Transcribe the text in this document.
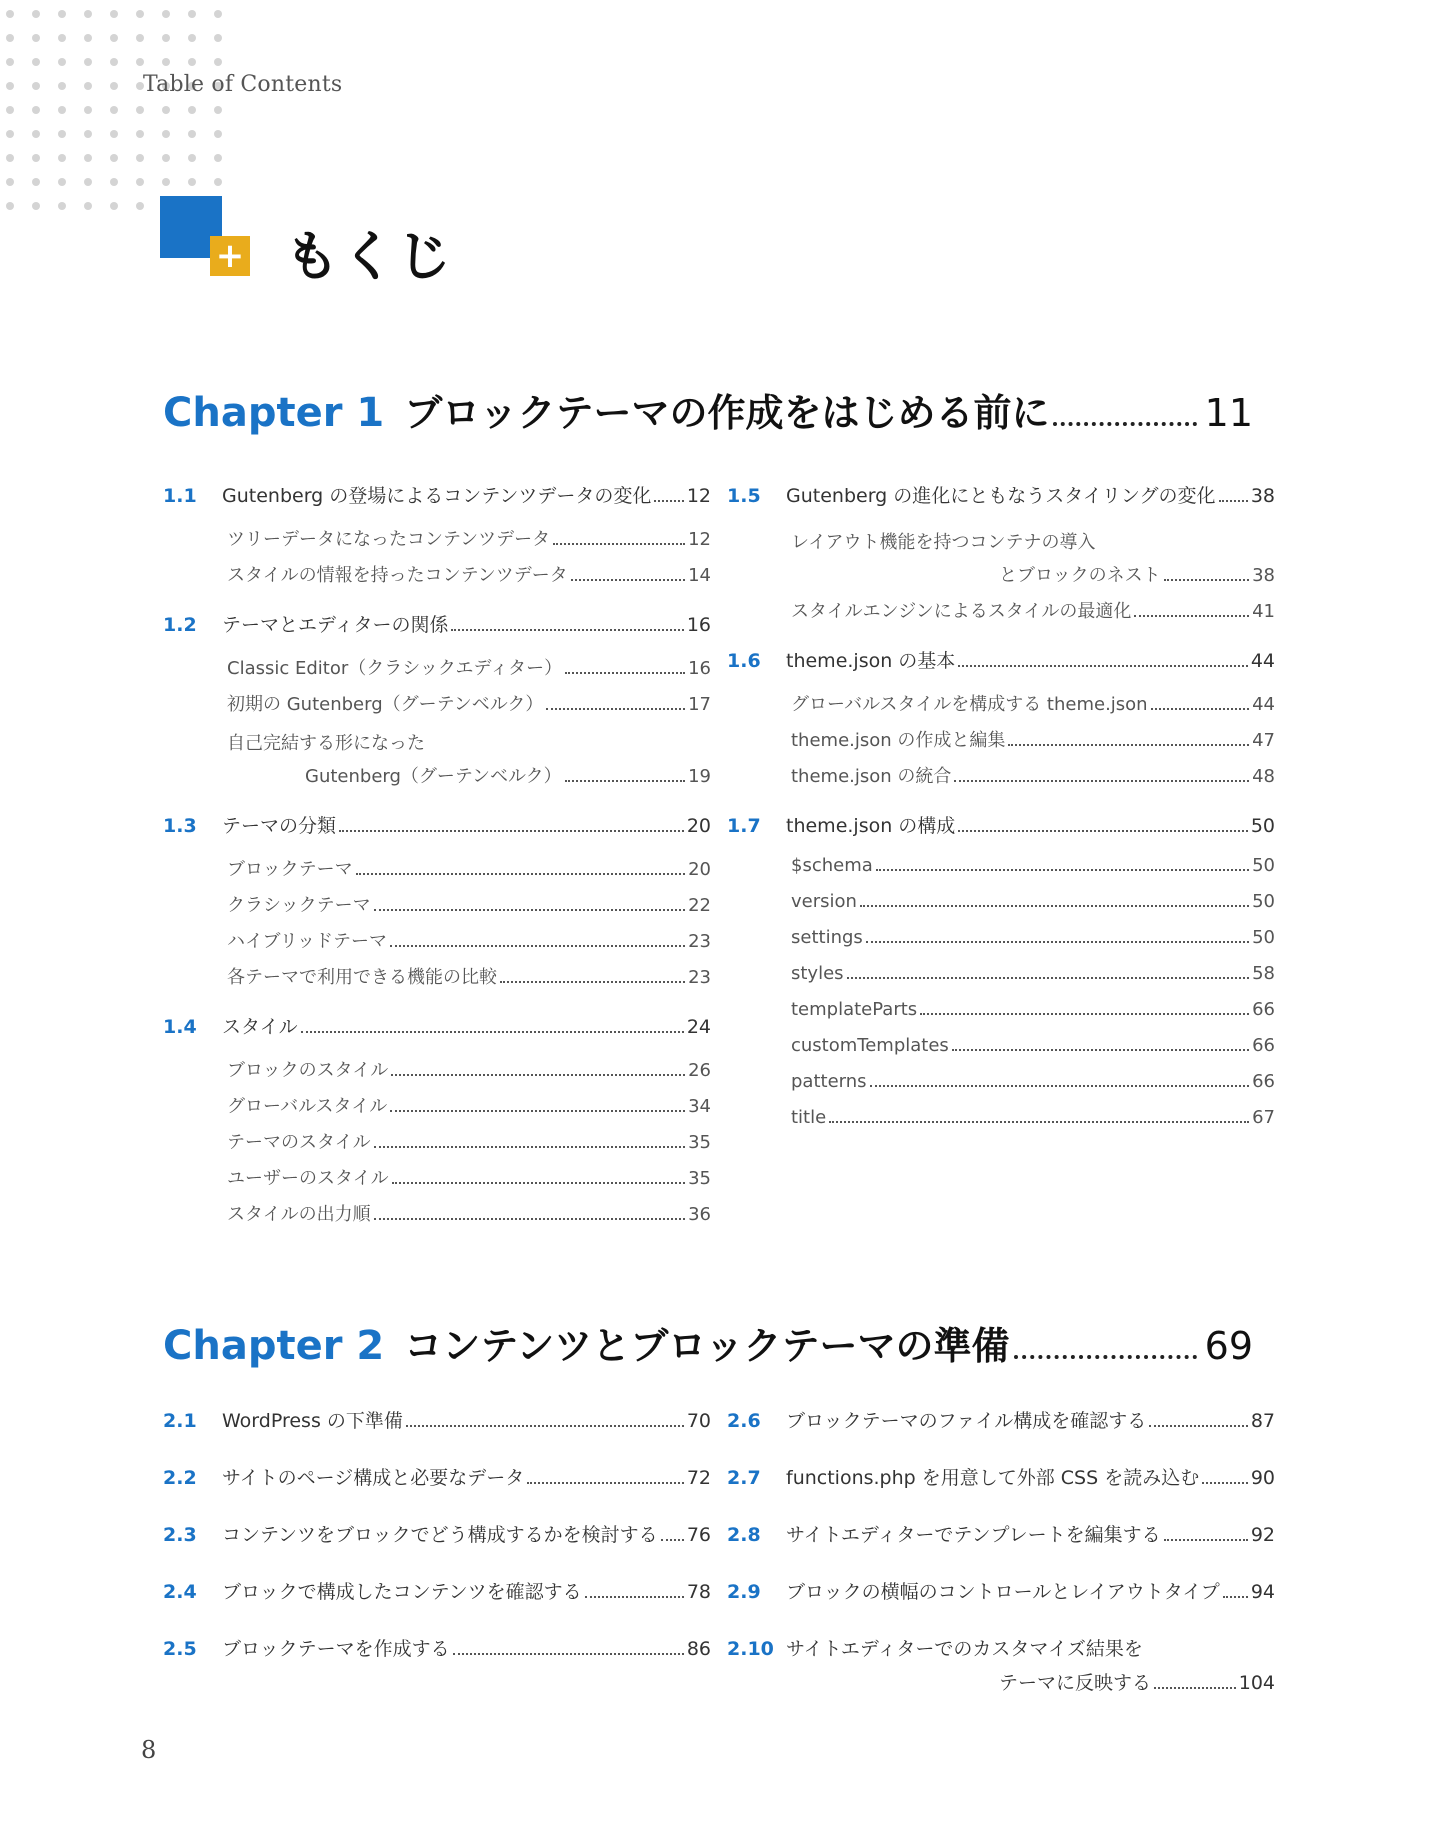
Table of Contents
+ もくじ
Chapter 1 ブロックテーマの作成をはじめる前に	11
1.1	Gutenberg の登場によるコンテンツデータの変化 12
ツリーデータになったコンテンツデータ	12
スタイルの情報を持ったコンテンツデータ	14
1.2	テーマとエディターの関係	16
Classic Editor（クラシックエディター）	16
初期の Gutenberg（グーテンベルク）	17
自己完結する形になった
Gutenberg（グーテンベルク）	19
1.3	テーマの分類	20
ブロックテーマ	20
クラシックテーマ	22
ハイブリッドテーマ	23
各テーマで利用できる機能の比較	23
1.4	スタイル	24
ブロックのスタイル	26
グローバルスタイル	34
テーマのスタイル	35
ユーザーのスタイル	35
スタイルの出力順	36
1.5	Gutenberg の進化にともなうスタイリングの変化 38
レイアウト機能を持つコンテナの導入
とブロックのネスト	38
スタイルエンジンによるスタイルの最適化	41
1.6	theme.json の基本	44
グローバルスタイルを構成する theme.json	44
theme.json の作成と編集	47
theme.json の統合	48
1.7	theme.json の構成	50
$schema	50
version	50
settings	50
styles	58
templateParts	66
customTemplates	66
patterns	66
title	67
Chapter 2 コンテンツとブロックテーマの準備	69
2.1	WordPress の下準備	70
2.2	サイトのページ構成と必要なデータ	72
2.3	コンテンツをブロックでどう構成するかを検討する 76
2.4	ブロックで構成したコンテンツを確認する	78
2.5	ブロックテーマを作成する	86
2.6	ブロックテーマのファイル構成を確認する	87
2.7	functions.php を用意して外部 CSS を読み込む	90
2.8	サイトエディターでテンプレートを編集する	92
2.9	ブロックの横幅のコントロールとレイアウトタイプ 94
2.10 サイトエディターでのカスタマイズ結果を
テーマに反映する	104
8
